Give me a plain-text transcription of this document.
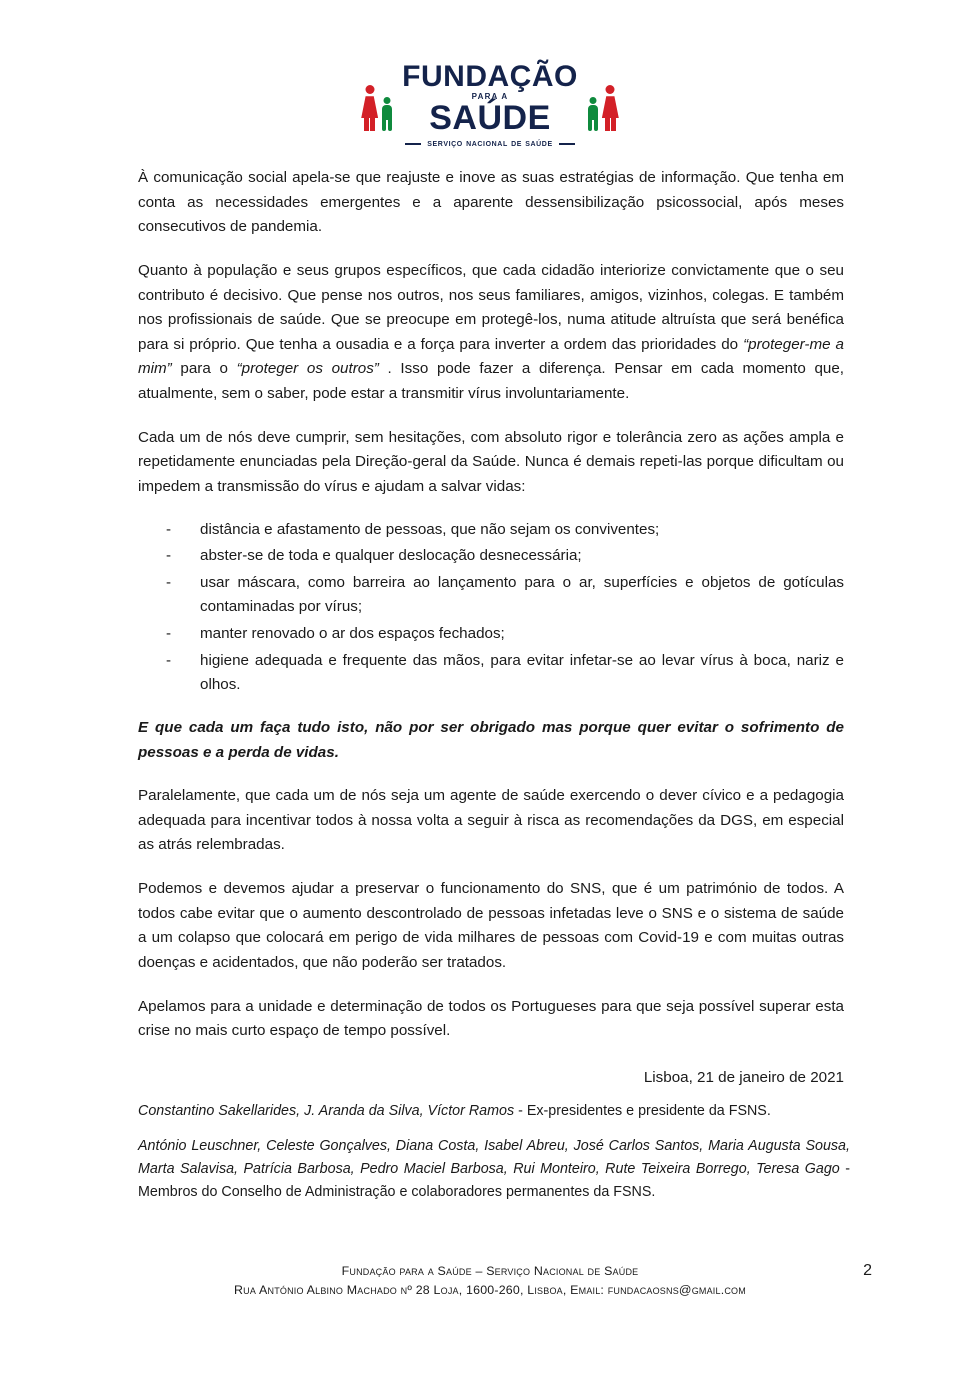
FUNDAÇÃO
PARA A
SAÚDE
serviço nacional de saúde

À comunicação social apela-se que reajuste e inove as suas estratégias de informação. Que tenha em conta as necessidades emergentes e a aparente dessensibilização psicossocial, após meses consecutivos de pandemia.

Quanto à população e seus grupos específicos, que cada cidadão interiorize convictamente que o seu contributo é decisivo. Que pense nos outros, nos seus familiares, amigos, vizinhos, colegas. E também nos profissionais de saúde. Que se preocupe em protegê-los, numa atitude altruísta que será benéfica para si próprio. Que tenha a ousadia e a força para inverter a ordem das prioridades do “proteger-me a mim” para o “proteger os outros” . Isso pode fazer a diferença. Pensar em cada momento que, atualmente, sem o saber, pode estar a transmitir vírus involuntariamente.

Cada um de nós deve cumprir, sem hesitações, com absoluto rigor e tolerância zero as ações ampla e repetidamente enunciadas pela Direção-geral da Saúde. Nunca é demais repeti-las porque dificultam ou impedem a transmissão do vírus e ajudam a salvar vidas:

- distância e afastamento de pessoas, que não sejam os conviventes;
- abster-se de toda e qualquer deslocação desnecessária;
- usar máscara, como barreira ao lançamento para o ar, superfícies e objetos de gotículas contaminadas por vírus;
- manter renovado o ar dos espaços fechados;
- higiene adequada e frequente das mãos, para evitar infetar-se ao levar vírus à boca, nariz e olhos.

E que cada um faça tudo isto, não por ser obrigado mas porque quer evitar o sofrimento de pessoas e a perda de vidas.

Paralelamente, que cada um de nós seja um agente de saúde exercendo o dever cívico e a pedagogia adequada para incentivar todos à nossa volta a seguir à risca as recomendações da DGS, em especial as atrás relembradas.

Podemos e devemos ajudar a preservar o funcionamento do SNS, que é um património de todos. A todos cabe evitar que o aumento descontrolado de pessoas infetadas leve o SNS e o sistema de saúde a um colapso que colocará em perigo de vida milhares de pessoas com Covid-19 e com muitas outras doenças e acidentados, que não poderão ser tratados.

Apelamos para a unidade e determinação de todos os Portugueses para que seja possível superar esta crise no mais curto espaço de tempo possível.

Lisboa, 21 de janeiro de 2021

Constantino Sakellarides, J. Aranda da Silva, Víctor Ramos - Ex-presidentes e presidente da FSNS.

António Leuschner, Celeste Gonçalves, Diana Costa, Isabel Abreu, José Carlos Santos, Maria Augusta Sousa, Marta Salavisa, Patrícia Barbosa, Pedro Maciel Barbosa, Rui Monteiro, Rute Teixeira Borrego, Teresa Gago - Membros do Conselho de Administração e colaboradores permanentes da FSNS.

Fundação para a Saúde – Serviço Nacional de Saúde
Rua António Albino Machado nº 28 Loja, 1600-260, Lisboa, Email: fundacaosns@gmail.com
2
